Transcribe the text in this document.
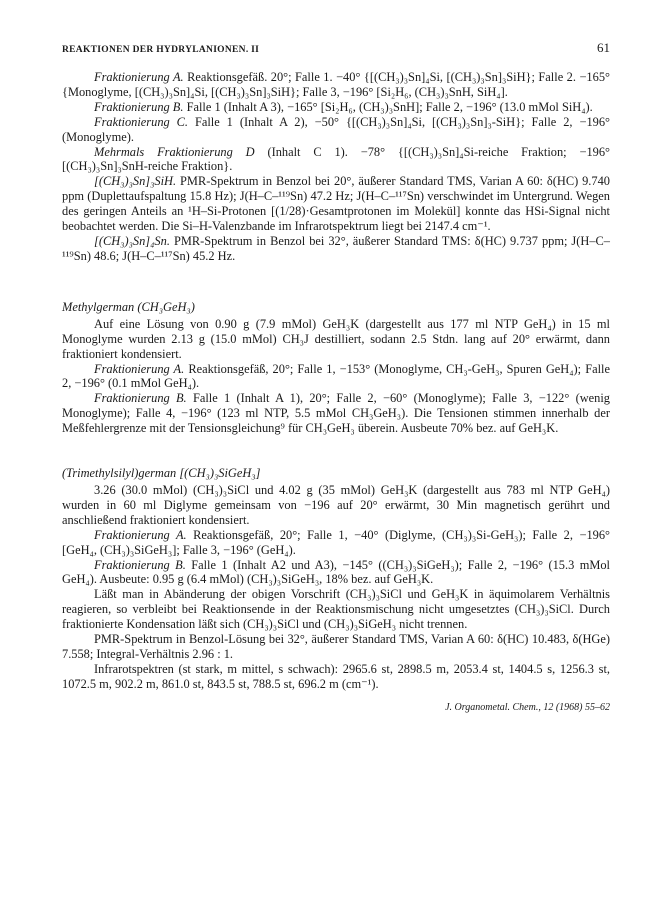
REAKTIONEN DER HYDRYLANIONEN. II	61

Fraktionierung A. Reaktionsgefäß. 20°; Falle 1. −40° {[(CH₃)₃Sn]₄Si, [(CH₃)₃Sn]₃SiH}; Falle 2. −165° {Monoglyme, [(CH₃)₃Sn]₄Si, [(CH₃)₃Sn]₃SiH}; Falle 3, −196° [Si₂H₆, (CH₃)₃SnH, SiH₄].

Fraktionierung B. Falle 1 (Inhalt A 3), −165° [Si₂H₆, (CH₃)₃SnH]; Falle 2, −196° (13.0 mMol SiH₄).

Fraktionierung C. Falle 1 (Inhalt A 2), −50° {[(CH₃)₃Sn]₄Si, [(CH₃)₃Sn]₃-SiH}; Falle 2, −196° (Monoglyme).

Mehrmals Fraktionierung D (Inhalt C 1). −78° {[(CH₃)₃Sn]₄Si-reiche Fraktion; −196° [(CH₃)₃Sn]₃SnH-reiche Fraktion}.

[(CH₃)₃Sn]₃SiH. PMR-Spektrum in Benzol bei 20°, äußerer Standard TMS, Varian A 60: δ(HC) 9.740 ppm (Duplettaufspaltung 15.8 Hz); J(H–C–¹¹⁹Sn) 47.2 Hz; J(H–C–¹¹⁷Sn) verschwindet im Untergrund. Wegen des geringen Anteils an ¹H–Si-Protonen [(1/28)·Gesamtprotonen im Molekül] konnte das HSi-Signal nicht beobachtet werden. Die Si–H-Valenzbande im Infrarotspektrum liegt bei 2147.4 cm⁻¹.

[(CH₃)₃Sn]₄Sn. PMR-Spektrum in Benzol bei 32°, äußerer Standard TMS: δ(HC) 9.737 ppm; J(H–C–¹¹⁹Sn) 48.6; J(H–C–¹¹⁷Sn) 45.2 Hz.

Methylgerman (CH₃GeH₃)

Auf eine Lösung von 0.90 g (7.9 mMol) GeH₃K (dargestellt aus 177 ml NTP GeH₄) in 15 ml Monoglyme wurden 2.13 g (15.0 mMol) CH₃J destilliert, sodann 2.5 Stdn. lang auf 20° erwärmt, dann fraktioniert kondensiert.

Fraktionierung A. Reaktionsgefäß, 20°; Falle 1, −153° (Monoglyme, CH₃-GeH₃, Spuren GeH₄); Falle 2, −196° (0.1 mMol GeH₄).

Fraktionierung B. Falle 1 (Inhalt A 1), 20°; Falle 2, −60° (Monoglyme); Falle 3, −122° (wenig Monoglyme); Falle 4, −196° (123 ml NTP, 5.5 mMol CH₃GeH₃). Die Tensionen stimmen innerhalb der Meßfehlergrenze mit der Tensionsgleichung⁹ für CH₃GeH₃ überein. Ausbeute 70% bez. auf GeH₃K.

(Trimethylsilyl)german [(CH₃)₃SiGeH₃]

3.26 (30.0 mMol) (CH₃)₃SiCl und 4.02 g (35 mMol) GeH₃K (dargestellt aus 783 ml NTP GeH₄) wurden in 60 ml Diglyme gemeinsam von −196 auf 20° erwärmt, 30 Min magnetisch gerührt und anschließend fraktioniert kondensiert.

Fraktionierung A. Reaktionsgefäß, 20°; Falle 1, −40° (Diglyme, (CH₃)₃Si-GeH₃); Falle 2, −196° [GeH₄, (CH₃)₃SiGeH₃]; Falle 3, −196° (GeH₄).

Fraktionierung B. Falle 1 (Inhalt A2 und A3), −145° ((CH₃)₃SiGeH₃); Falle 2, −196° (15.3 mMol GeH₄). Ausbeute: 0.95 g (6.4 mMol) (CH₃)₃SiGeH₃, 18% bez. auf GeH₃K.

Läßt man in Abänderung der obigen Vorschrift (CH₃)₃SiCl und GeH₃K in äquimolarem Verhältnis reagieren, so verbleibt bei Reaktionsende in der Reaktionsmischung nicht umgesetztes (CH₃)₃SiCl. Durch fraktionierte Kondensation läßt sich (CH₃)₃SiCl und (CH₃)₃SiGeH₃ nicht trennen.

PMR-Spektrum in Benzol-Lösung bei 32°, äußerer Standard TMS, Varian A 60: δ(HC) 10.483, δ(HGe) 7.558; Integral-Verhältnis 2.96 : 1.

Infrarotspektren (st stark, m mittel, s schwach): 2965.6 st, 2898.5 m, 2053.4 st, 1404.5 s, 1256.3 st, 1072.5 m, 902.2 m, 861.0 st, 843.5 st, 788.5 st, 696.2 m (cm⁻¹).

J. Organometal. Chem., 12 (1968) 55–62
